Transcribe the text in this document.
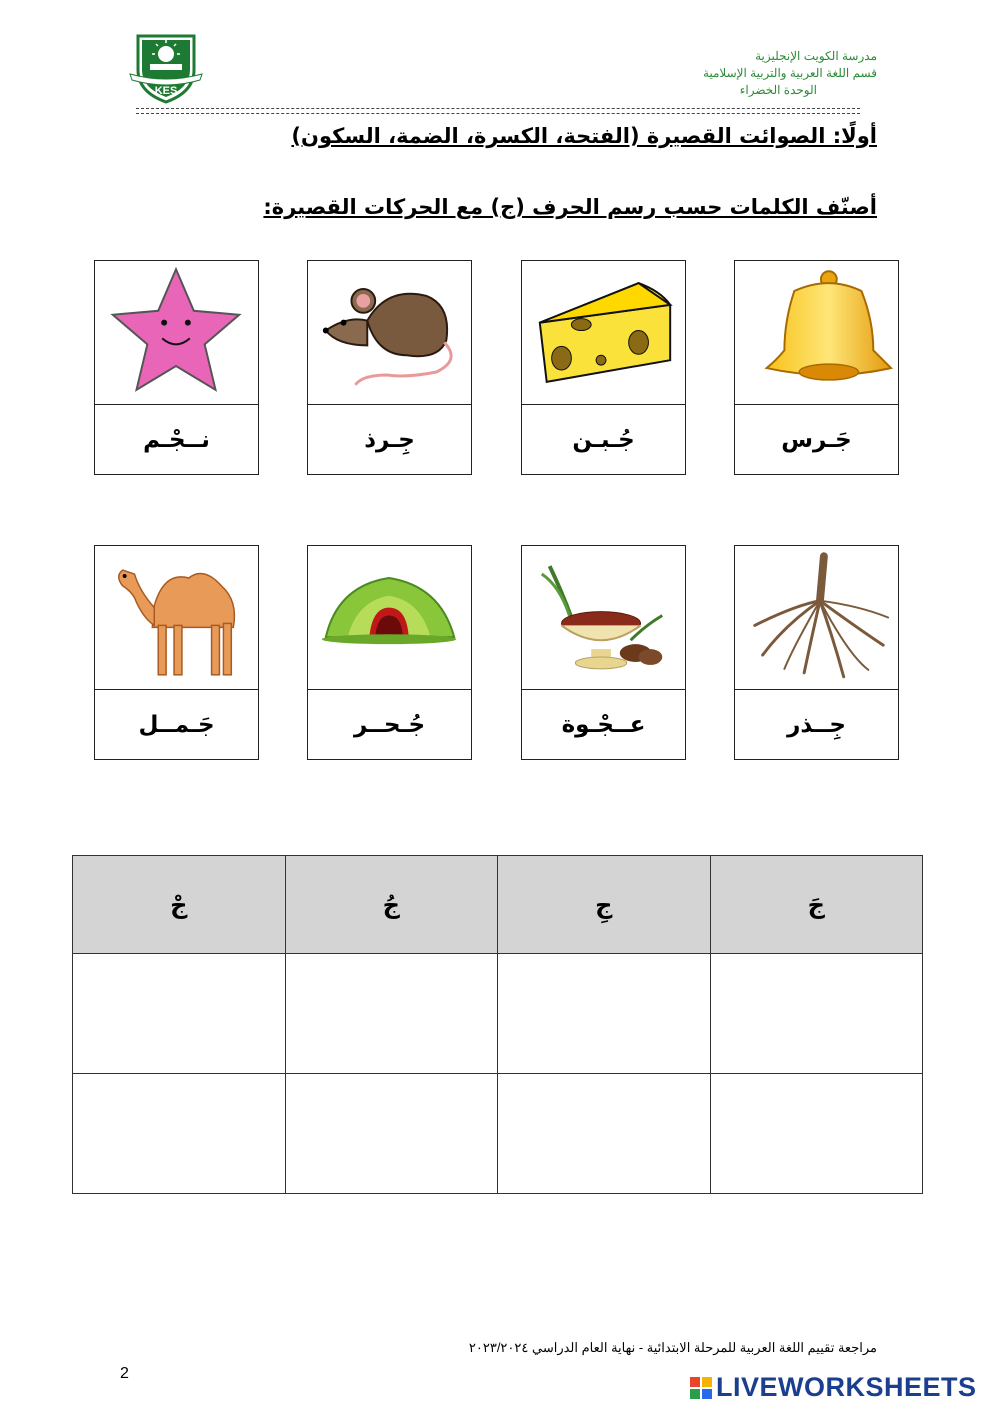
KES
مدرسة الكويت الإنجليزية
قسم اللغة العربية والتربية الإسلامية
الوحدة الخضراء
أولًا: الصوائت القصيرة (الفتحة، الكسرة، الضمة، السكون)
أصنّف الكلمات حسب رسم الحرف (ج) مع الحركات القصيرة:
جَـرس
جُـبـن
جِـرذ
نــجْـم
جِــذر
عــجْـوة
جُـحــر
جَـمــل
جْ	جُ	جِ	جَ

مراجعة تقييم اللغة العربية للمرحلة الابتدائية - نهاية العام الدراسي ٢٠٢٣/٢٠٢٤
2	LIVEWORKSHEETS
